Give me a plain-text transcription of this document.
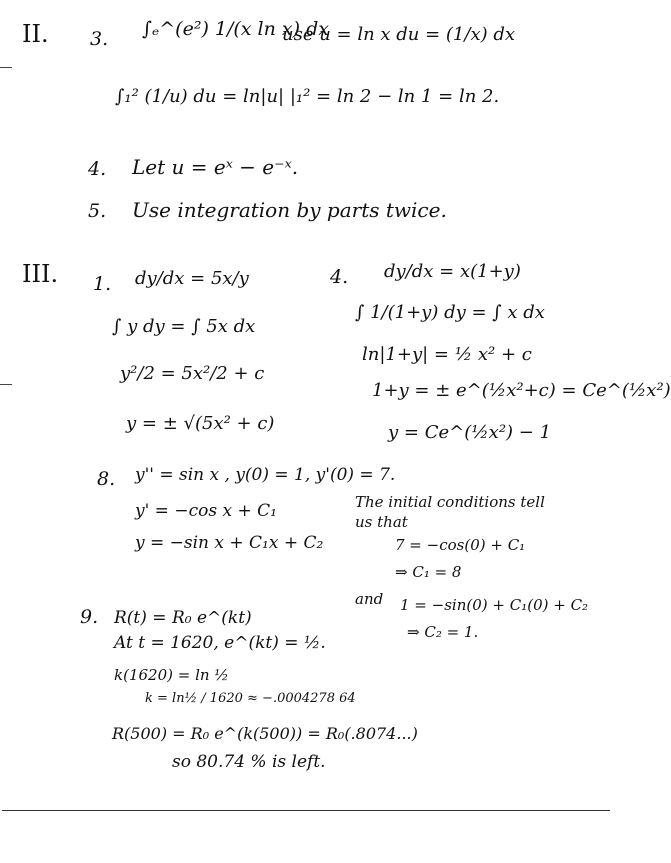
II. 3. ∫ₑ^(e²) 1/(x ln x) dx
use u = ln x du = (1/x) dx
∫₁² (1/u) du = ln|u| |₁² = ln 2 − ln 1 = ln 2.
4. Let u = eˣ − e⁻ˣ.
5. Use integration by parts twice.
III. 1. dy/dx = 5x/y
∫ y dy = ∫ 5x dx
y²/2 = 5x²/2 + c
y = ± √(5x² + c)
4. dy/dx = x(1+y)
∫ 1/(1+y) dy = ∫ x dx
ln|1+y| = ½ x² + c
1+y = ± e^(½x²+c) = Ce^(½x²)
y = Ce^(½x²) − 1
8. y'' = sin x , y(0) = 1, y'(0) = 7.
y' = −cos x + C₁
y = −sin x + C₁x + C₂
The initial conditions tell
us that
7 = −cos(0) + C₁
⇒ C₁ = 8
and 1 = −sin(0) + C₁(0) + C₂
⇒ C₂ = 1.
9. R(t) = R₀ e^(kt)
At t = 1620, e^(kt) = ½.
k(1620) = ln ½
k = ln½ / 1620 ≈ −.0004278 64
R(500) = R₀ e^(k(500)) = R₀(.8074...)
so 80.74 % is left.
